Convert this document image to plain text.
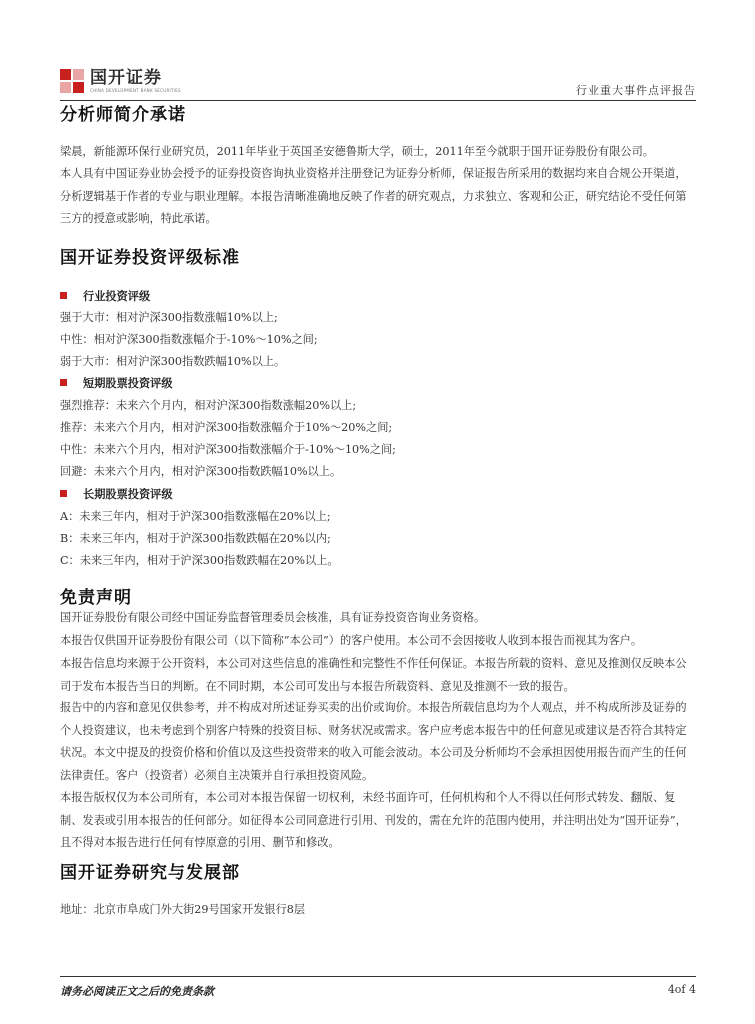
国开证券
CHINA DEVELOPMENT BANK SECURITIES	行业重大事件点评报告
分析师简介承诺
梁晨，新能源环保行业研究员，2011年毕业于英国圣安德鲁斯大学，硕士，2011年至今就职于国开证券股份有限公司。
本人具有中国证券业协会授予的证券投资咨询执业资格并注册登记为证券分析师，保证报告所采用的数据均来自合规公开渠道，分析逻辑基于作者的专业与职业理解。本报告清晰准确地反映了作者的研究观点，力求独立、客观和公正，研究结论不受任何第三方的授意或影响，特此承诺。
国开证券投资评级标准
行业投资评级
强于大市：相对沪深300指数涨幅10%以上;
中性：相对沪深300指数涨幅介于-10%～10%之间;
弱于大市：相对沪深300指数跌幅10%以上。
短期股票投资评级
强烈推荐：未来六个月内，相对沪深300指数涨幅20%以上;
推荐：未来六个月内，相对沪深300指数涨幅介于10%～20%之间;
中性：未来六个月内，相对沪深300指数涨幅介于-10%～10%之间;
回避：未来六个月内，相对沪深300指数跌幅10%以上。
长期股票投资评级
A：未来三年内，相对于沪深300指数涨幅在20%以上;
B：未来三年内，相对于沪深300指数跌幅在20%以内;
C：未来三年内，相对于沪深300指数跌幅在20%以上。
免责声明
国开证券股份有限公司经中国证券监督管理委员会核准，具有证券投资咨询业务资格。
本报告仅供国开证券股份有限公司（以下简称“本公司”）的客户使用。本公司不会因接收人收到本报告而视其为客户。
本报告信息均来源于公开资料，本公司对这些信息的准确性和完整性不作任何保证。本报告所载的资料、意见及推测仅反映本公司于发布本报告当日的判断。在不同时期，本公司可发出与本报告所载资料、意见及推测不一致的报告。
报告中的内容和意见仅供参考，并不构成对所述证券买卖的出价或询价。本报告所载信息均为个人观点，并不构成所涉及证券的个人投资建议，也未考虑到个别客户特殊的投资目标、财务状况或需求。客户应考虑本报告中的任何意见或建议是否符合其特定状况。本文中提及的投资价格和价值以及这些投资带来的收入可能会波动。本公司及分析师均不会承担因使用报告而产生的任何法律责任。客户（投资者）必须自主决策并自行承担投资风险。
本报告版权仅为本公司所有，本公司对本报告保留一切权利，未经书面许可，任何机构和个人不得以任何形式转发、翻版、复制、发表或引用本报告的任何部分。如征得本公司同意进行引用、刊发的，需在允许的范围内使用，并注明出处为“国开证券”，且不得对本报告进行任何有悖原意的引用、删节和修改。
国开证券研究与发展部
地址：北京市阜成门外大街29号国家开发银行8层
请务必阅读正文之后的免责条款	4of 4
